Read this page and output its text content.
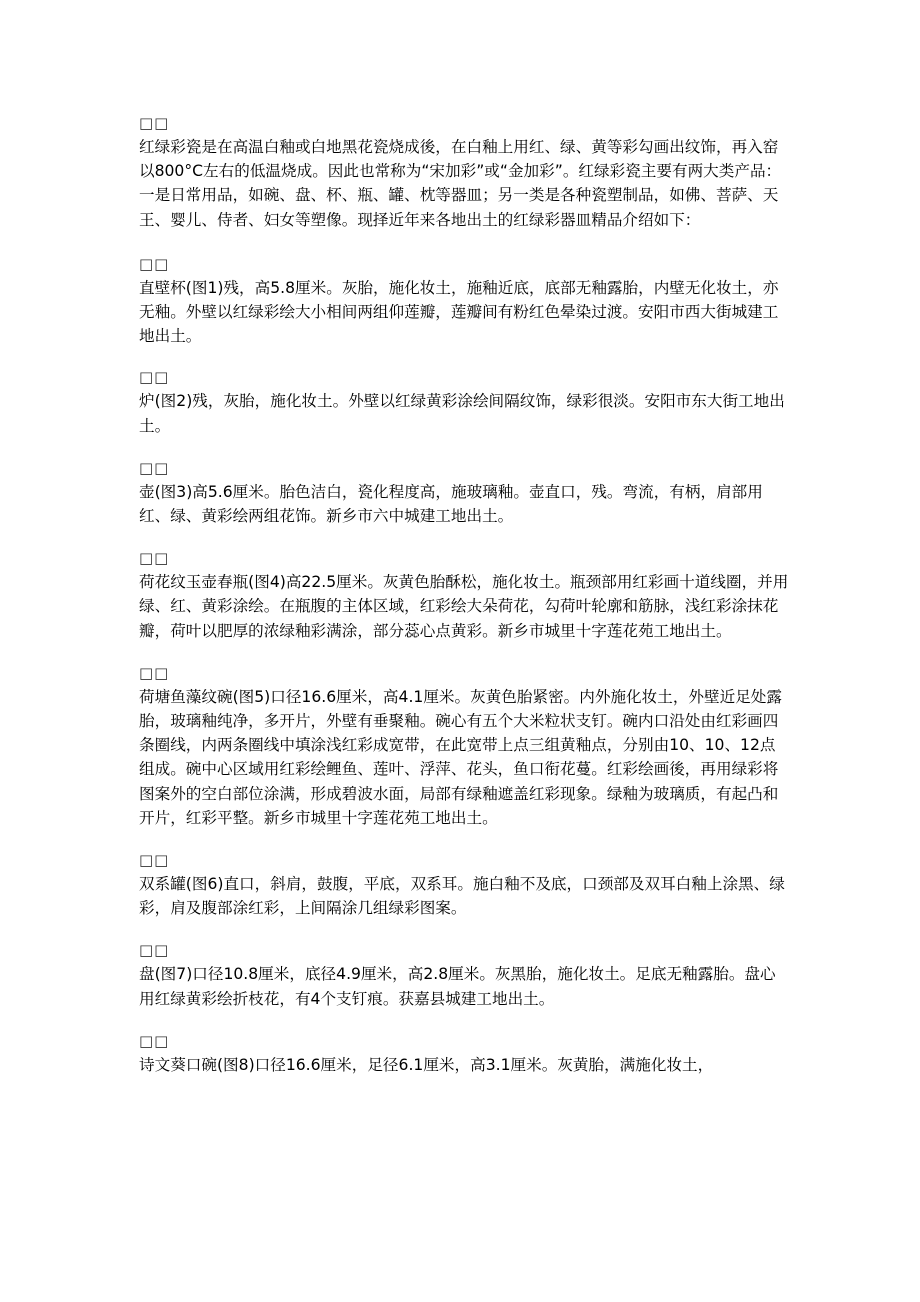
□□

红绿彩瓷是在高温白釉或白地黑花瓷烧成後，在白釉上用红、绿、黄等彩勾画出纹饰，再入窑以800°C左右的低温烧成。因此也常称为“宋加彩”或“金加彩”。红绿彩瓷主要有两大类产品：一是日常用品，如碗、盘、杯、瓶、罐、枕等器皿；另一类是各种瓷塑制品，如佛、菩萨、天王、婴儿、侍者、妇女等塑像。现择近年来各地出土的红绿彩器皿精品介绍如下：

□□

直壁杯(图1)残，高5.8厘米。灰胎，施化妆土，施釉近底，底部无釉露胎，内壁无化妆土，亦无釉。外壁以红绿彩绘大小相间两组仰莲瓣，莲瓣间有粉红色晕染过渡。安阳市西大街城建工地出土。

□□

炉(图2)残，灰胎，施化妆土。外壁以红绿黄彩涂绘间隔纹饰，绿彩很淡。安阳市东大街工地出土。

□□

壶(图3)高5.6厘米。胎色洁白，瓷化程度高，施玻璃釉。壶直口，残。弯流，有柄，肩部用红、绿、黄彩绘两组花饰。新乡市六中城建工地出土。

□□

荷花纹玉壶春瓶(图4)高22.5厘米。灰黄色胎酥松，施化妆土。瓶颈部用红彩画十道线圈，并用绿、红、黄彩涂绘。在瓶腹的主体区域，红彩绘大朵荷花，勾荷叶轮廓和筋脉，浅红彩涂抹花瓣，荷叶以肥厚的浓绿釉彩满涂，部分蕊心点黄彩。新乡市城里十字莲花苑工地出土。

□□

荷塘鱼藻纹碗(图5)口径16.6厘米，高4.1厘米。灰黄色胎紧密。内外施化妆土，外壁近足处露胎，玻璃釉纯净，多开片，外壁有垂聚釉。碗心有五个大米粒状支钉。碗内口沿处由红彩画四条圈线，内两条圈线中填涂浅红彩成宽带，在此宽带上点三组黄釉点，分别由10、10、12点组成。碗中心区域用红彩绘鲤鱼、莲叶、浮萍、花头，鱼口衔花蔓。红彩绘画後，再用绿彩将图案外的空白部位涂满，形成碧波水面，局部有绿釉遮盖红彩现象。绿釉为玻璃质，有起凸和开片，红彩平整。新乡市城里十字莲花苑工地出土。

□□

双系罐(图6)直口，斜肩，鼓腹，平底，双系耳。施白釉不及底，口颈部及双耳白釉上涂黑、绿彩，肩及腹部涂红彩，上间隔涂几组绿彩图案。

□□

盘(图7)口径10.8厘米，底径4.9厘米，高2.8厘米。灰黑胎，施化妆土。足底无釉露胎。盘心用红绿黄彩绘折枝花，有4个支钉痕。获嘉县城建工地出土。

□□

诗文葵口碗(图8)口径16.6厘米，足径6.1厘米，高3.1厘米。灰黄胎，满施化妆土，
